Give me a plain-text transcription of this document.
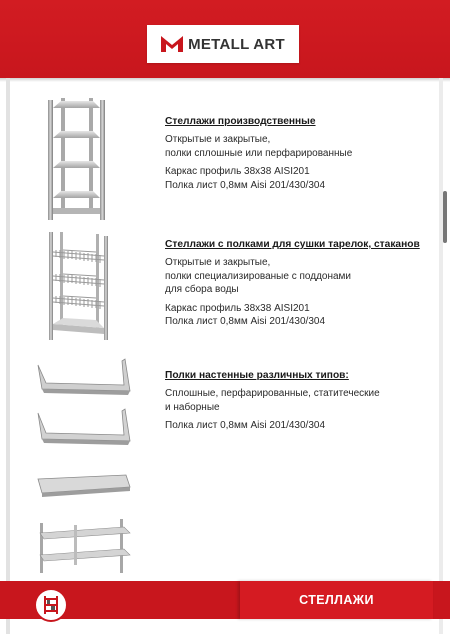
METALL ART
Стеллажи производственные
Открытые и закрытые,
полки сплошные или перфарированные
Каркас профиль 38х38 AISI201
Полка лист 0,8мм Aisi 201/430/304
Стеллажи с полками для сушки тарелок, стаканов
Открытые и закрытые,
полки специализированые с поддонами
для сбора воды
Каркас профиль 38х38 AISI201
Полка лист 0,8мм Aisi 201/430/304
Полки настенные различных типов:
Сплошные, перфарированные, статитеческие
и наборные
Полка лист 0,8мм Aisi 201/430/304
СТЕЛЛАЖИ
